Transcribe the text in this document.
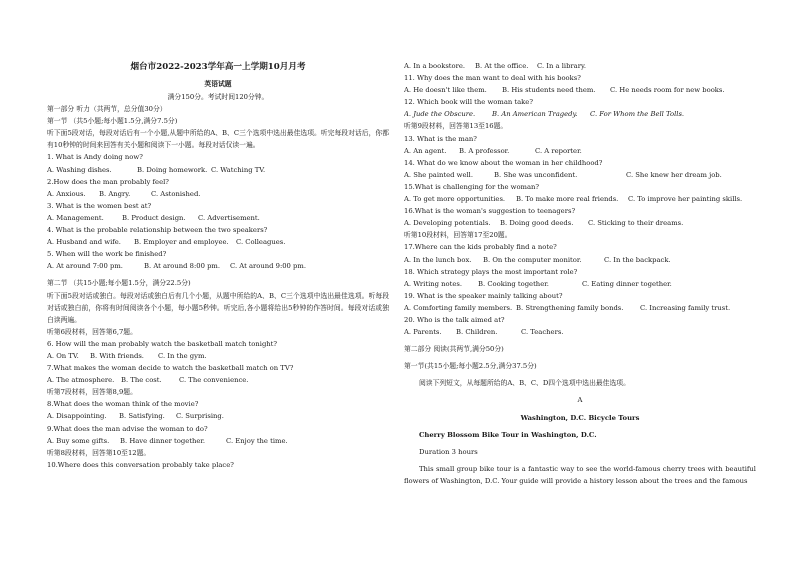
烟台市2022-2023学年高一上学期10月月考
英语试题
满分150分。考试时间120分钟。
第一部分 听力（共两节，总分值30分）
第一节 （共5小题;每小题1.5分,满分7.5分)
听下面5段对话，每段对话后有一个小题,从题中所给的A、B、C三个选项中选出最佳选项。听完每段对话后，你都有10秒钟的时间来回答有关小题和阅读下一小题。每段对话仅读一遍。
1. What is Andy doing now?
A. Washing dishes.	B. Doing homework. C. Watching TV.
2.How does the man probably feel?
A. Anxious. B. Angry.	C. Astonished.
3. What is the women best at?
A. Management.	B. Product design. C. Advertisement.
4. What is the probable relationship between the two speakers?
A. Husband and wife. B. Employer and employee. C. Colleagues.
5. When will the work be finished?
A. At around 7:00 pm.	B. At around 8:00 pm. C. At around 9:00 pm.
第二节 （共15小题;每小题1.5分，满分22.5分)
听下面5段对话或独白。每段对话或独白后有几个小题，从题中所给的A、B、C三个选项中选出最佳选项。听每段对话或独白前，你将有时间阅读各个小题，每小题5秒钟。听完后,各小题将给出5秒钟的作答时间。每段对话或独白读两遍。
听第6段材料，回答第6,7题。
6. How will the man probably watch the basketball match tonight?
A. On TV. B. With friends. C. In the gym.
7.What makes the woman decide to watch the basketball match on TV?
A. The atmosphere. B. The cost.	C. The convenience.
听第7段材料，回答第8,9题。
8.What does the woman think of the movie?
A. Disappointing. B. Satisfying. C. Surprising.
9.What does the man advise the woman to do?
A. Buy some gifts. B. Have dinner together.	C. Enjoy the time.
听第8段材料，回答第10至12题。
10.Where does this conversation probably take place?
A. In a bookstore. B. At the office. C. In a library.
11. Why does the man want to deal with his books?
A. He doesn't like them. B. His students need them. C. He needs room for new books.
12. Which book will the woman take?
A. Jude the Obscure. B. An American Tragedy. C. For Whom the Bell Tolls.
听第9段材料，回答第13至16题。
13. What is the man?
A. An agent. B. A professor.	C. A reporter.
14. What do we know about the woman in her childhood?
A. She painted well.	B. She was unconfident.	C. She knew her dream job.
15.What is challenging for the woman?
A. To get more opportunities. B. To make more real friends. C. To improve her painting skills.
16.What is the woman's suggestion to teenagers?
A. Developing potentials. B. Doing good deeds. C. Sticking to their dreams.
听第10段材料，回答第17至20题。
17.Where can the kids probably find a note?
A. In the lunch box. B. On the computer monitor.	C. In the backpack.
18. Which strategy plays the most important role?
A. Writing notes. B. Cooking together.	C. Eating dinner together.
19. What is the speaker mainly talking about?
A. Comforting family members. B. Strengthening family bonds. C. Increasing family trust.
20. Who is the talk aimed at?
A. Parents. B. Children.	C. Teachers.
第二部分 阅读(共两节,满分50分)
第一节(共15小题;每小题2.5分,满分37.5分)
阅读下列短文，从每题所给的A、B、C、D四个选项中选出最佳选项。
A
Washington, D.C. Bicycle Tours
Cherry Blossom Bike Tour in Washington, D.C.
Duration 3 hours
This small group bike tour is a fantastic way to see the world-famous cherry trees with beautiful flowers of Washington, D.C. Your guide will provide a history lesson about the trees and the famous
